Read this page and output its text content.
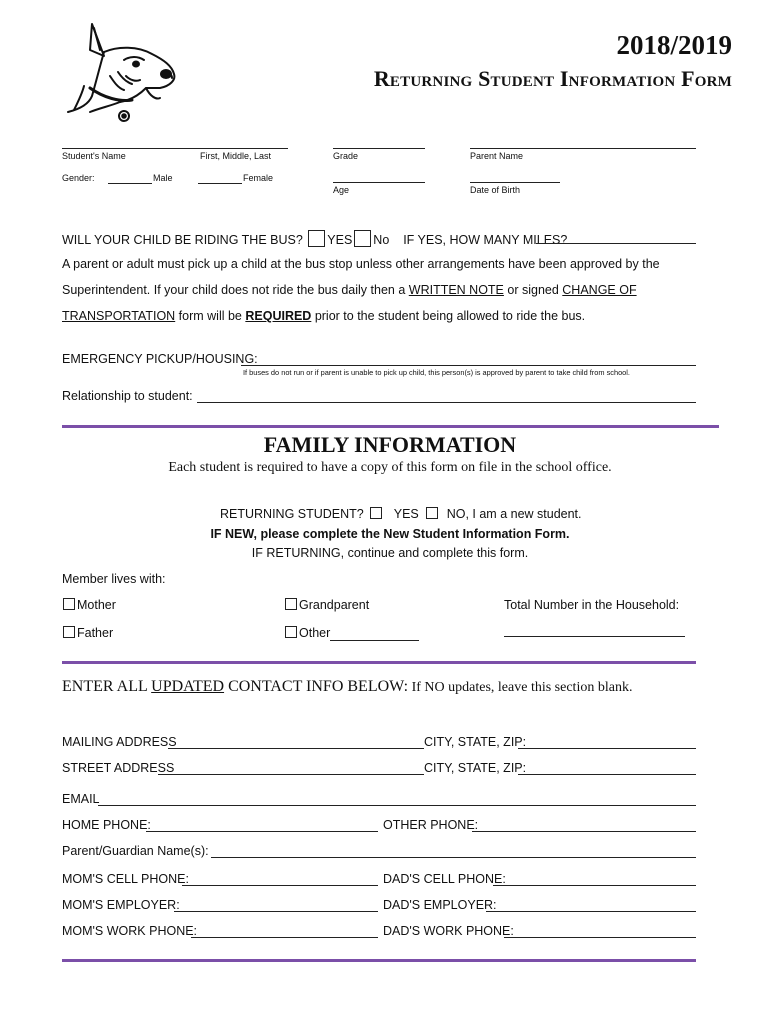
2018/2019
Returning Student Information Form
Student's Name	First, Middle, Last	Grade	Parent Name
Gender:	Male	Female
Age	Date of Birth
WILL YOUR CHILD BE RIDING THE BUS? YES No IF YES, HOW MANY MILES?
A parent or adult must pick up a child at the bus stop unless other arrangements have been approved by the
Superintendent. If your child does not ride the bus daily then a WRITTEN NOTE or signed CHANGE OF
TRANSPORTATION form will be REQUIRED prior to the student being allowed to ride the bus.
EMERGENCY PICKUP/HOUSING:
If buses do not run or if parent is unable to pick up child, this person(s) is approved by parent to take child from school.
Relationship to student:
FAMILY INFORMATION
Each student is required to have a copy of this form on file in the school office.
RETURNING STUDENT? YES NO, I am a new student.
IF NEW, please complete the New Student Information Form.
IF RETURNING, continue and complete this form.
Member lives with:
Mother	Grandparent	Total Number in the Household:
Father	Other
ENTER ALL UPDATED CONTACT INFO BELOW: If NO updates, leave this section blank.
MAILING ADDRESS	CITY, STATE, ZIP:
STREET ADDRESS	CITY, STATE, ZIP:
EMAIL
HOME PHONE:	OTHER PHONE:
Parent/Guardian Name(s):
MOM'S CELL PHONE:	DAD'S CELL PHONE:
MOM'S EMPLOYER:	DAD'S EMPLOYER:
MOM'S WORK PHONE:	DAD'S WORK PHONE:
